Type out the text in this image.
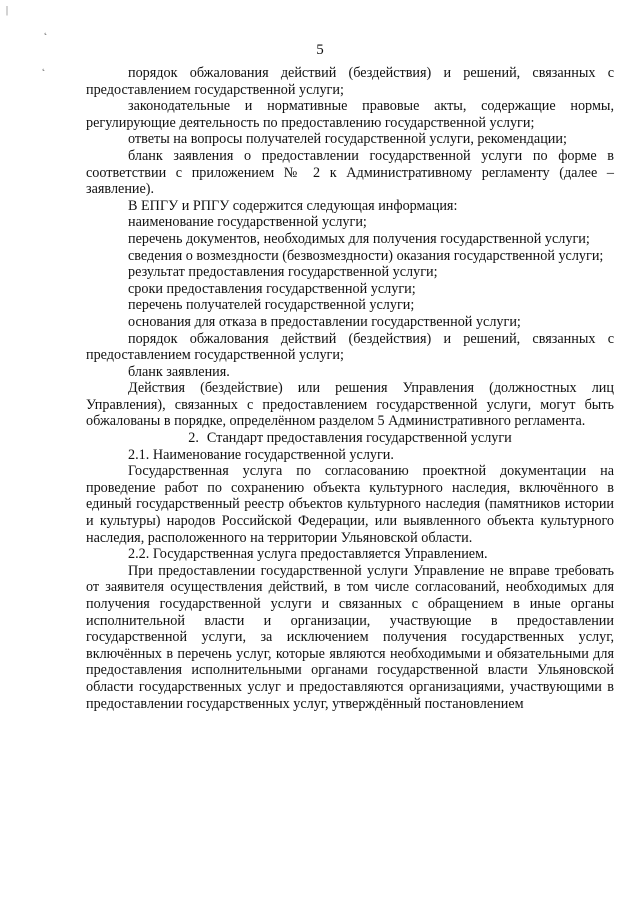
|
˛
˛
5

порядок обжалования действий (бездействия) и решений, связанных с предоставлением государственной услуги;

законодательные и нормативные правовые акты, содержащие нормы, регулирующие деятельность по предоставлению государственной услуги;

ответы на вопросы получателей государственной услуги, рекомендации;

бланк заявления о предоставлении государственной услуги по форме в соответствии с приложением № 2 к Административному регламенту (далее – заявление).

В ЕПГУ и РПГУ содержится следующая информация:

наименование государственной услуги;

перечень документов, необходимых для получения государственной услуги;

сведения о возмездности (безвозмездности) оказания государственной услуги;

результат предоставления государственной услуги;

сроки предоставления государственной услуги;

перечень получателей государственной услуги;

основания для отказа в предоставлении государственной услуги;

порядок обжалования действий (бездействия) и решений, связанных с предоставлением государственной услуги;

бланк заявления.

Действия (бездействие) или решения Управления (должностных лиц Управления), связанных с предоставлением государственной услуги, могут быть обжалованы в порядке, определённом разделом 5 Административного регламента.

2. Стандарт предоставления государственной услуги

2.1. Наименование государственной услуги.

Государственная услуга по согласованию проектной документации на проведение работ по сохранению объекта культурного наследия, включённого в единый государственный реестр объектов культурного наследия (памятников истории и культуры) народов Российской Федерации, или выявленного объекта культурного наследия, расположенного на территории Ульяновской области.

2.2. Государственная услуга предоставляется Управлением.

При предоставлении государственной услуги Управление не вправе требовать от заявителя осуществления действий, в том числе согласований, необходимых для получения государственной услуги и связанных с обращением в иные органы исполнительной власти и организации, участвующие в предоставлении государственной услуги, за исключением получения государственных услуг, включённых в перечень услуг, которые являются необходимыми и обязательными для предоставления исполнительными органами государственной власти Ульяновской области государственных услуг и предоставляются организациями, участвующими в предоставлении государственных услуг, утверждённый постановлением
